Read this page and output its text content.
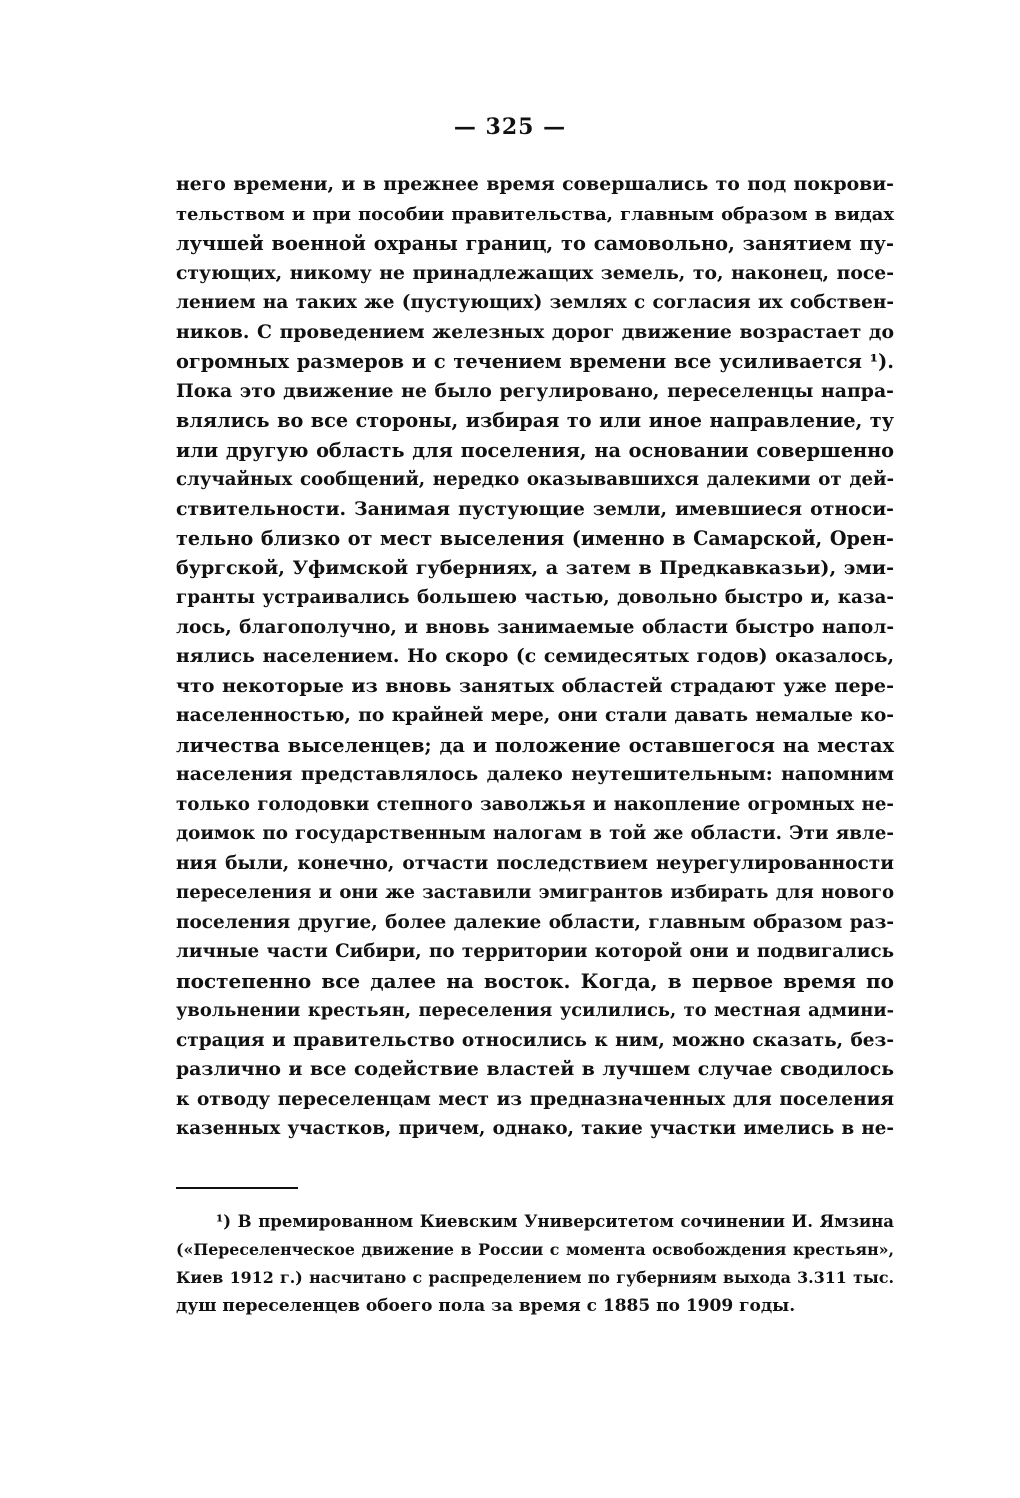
— 325 —
него времени, и в прежнее время совершались то под покрови-
тельством и при пособии правительства, главным образом в видах
лучшей военной охраны границ, то самовольно, занятием пу-
стующих, никому не принадлежащих земель, то, наконец, посе-
лением на таких же (пустующих) землях с согласия их собствен-
ников. С проведением железных дорог движение возрастает до
огромных размеров и с течением времени все усиливается ¹).
Пока это движение не было регулировано, переселенцы напра-
влялись во все стороны, избирая то или иное направление, ту
или другую область для поселения, на основании совершенно
случайных сообщений, нередко оказывавшихся далекими от дей-
ствительности. Занимая пустующие земли, имевшиеся относи-
тельно близко от мест выселения (именно в Самарской, Орен-
бургской, Уфимской губерниях, а затем в Предкавказьи), эми-
гранты устраивались большею частью, довольно быстро и, каза-
лось, благополучно, и вновь занимаемые области быстро напол-
нялись населением. Но скоро (с семидесятых годов) оказалось,
что некоторые из вновь занятых областей страдают уже пере-
населенностью, по крайней мере, они стали давать немалые ко-
личества выселенцев; да и положение оставшегося на местах
населения представлялось далеко неутешительным: напомним
только голодовки степного заволжья и накопление огромных не-
доимок по государственным налогам в той же области. Эти явле-
ния были, конечно, отчасти последствием неурегулированности
переселения и они же заставили эмигрантов избирать для нового
поселения другие, более далекие области, главным образом раз-
личные части Сибири, по территории которой они и подвигались
постепенно все далее на восток. Когда, в первое время по
увольнении крестьян, переселения усилились, то местная админи-
страция и правительство относились к ним, можно сказать, без-
различно и все содействие властей в лучшем случае сводилось
к отводу переселенцам мест из предназначенных для поселения
казенных участков, причем, однако, такие участки имелись в не-
¹) В премированном Киевским Университетом сочинении И. Ямзина
(«Переселенческое движение в России с момента освобождения крестьян»,
Киев 1912 г.) насчитано с распределением по губерниям выхода 3.311 тыс.
душ переселенцев обоего пола за время с 1885 по 1909 годы.
